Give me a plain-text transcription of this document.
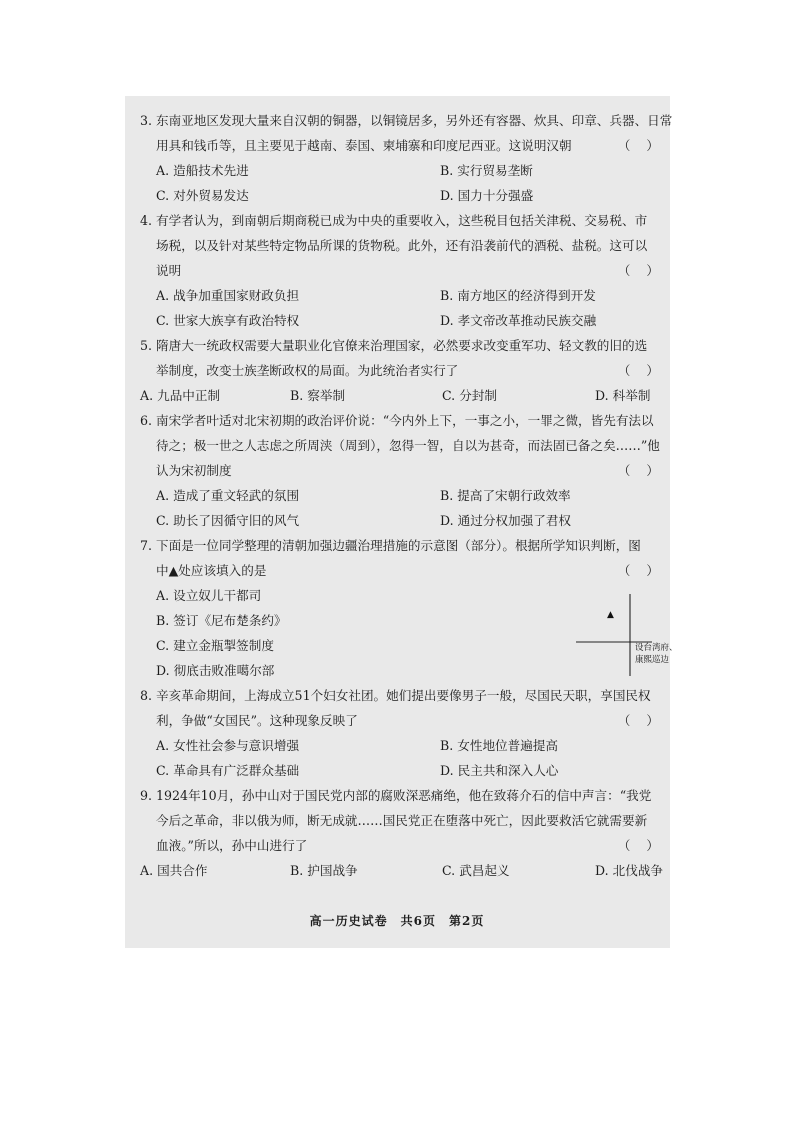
3. 东南亚地区发现大量来自汉朝的铜器，以铜镜居多，另外还有容器、炊具、印章、兵器、日常
用具和钱币等，且主要见于越南、泰国、柬埔寨和印度尼西亚。这说明汉朝	（ ）
A. 造船技术先进	B. 实行贸易垄断
C. 对外贸易发达	D. 国力十分强盛
4. 有学者认为，到南朝后期商税已成为中央的重要收入，这些税目包括关津税、交易税、市
场税，以及针对某些特定物品所课的货物税。此外，还有沿袭前代的酒税、盐税。这可以
说明	（ ）
A. 战争加重国家财政负担	B. 南方地区的经济得到开发
C. 世家大族享有政治特权	D. 孝文帝改革推动民族交融
5. 隋唐大一统政权需要大量职业化官僚来治理国家，必然要求改变重军功、轻文教的旧的选
举制度，改变士族垄断政权的局面。为此统治者实行了	（ ）
A. 九品中正制	B. 察举制	C. 分封制	D. 科举制
6. 南宋学者叶适对北宋初期的政治评价说：“今内外上下，一事之小，一罪之微，皆先有法以
待之；极一世之人志虑之所周浃（周到），忽得一智，自以为甚奇，而法固已备之矣……”他
认为宋初制度	（ ）
A. 造成了重文轻武的氛围	B. 提高了宋朝行政效率
C. 助长了因循守旧的风气	D. 通过分权加强了君权
7. 下面是一位同学整理的清朝加强边疆治理措施的示意图（部分）。根据所学知识判断，图
中▲处应该填入的是	（ ）
A. 设立奴儿干都司
B. 签订《尼布楚条约》
C. 建立金瓶掣签制度
D. 彻底击败准噶尔部
8. 辛亥革命期间，上海成立51个妇女社团。她们提出要像男子一般，尽国民天职，享国民权
利，争做“女国民”。这种现象反映了	（ ）
A. 女性社会参与意识增强	B. 女性地位普遍提高
C. 革命具有广泛群众基础	D. 民主共和深入人心
9. 1924年10月，孙中山对于国民党内部的腐败深恶痛绝，他在致蒋介石的信中声言：“我党
今后之革命，非以俄为师，断无成就……国民党正在堕落中死亡，因此要救活它就需要新
血液。”所以，孙中山进行了	（ ）
A. 国共合作	B. 护国战争	C. 武昌起义	D. 北伐战争
▲
设台湾府、
康熙巡边
高一历史试卷　共6页　第2页
